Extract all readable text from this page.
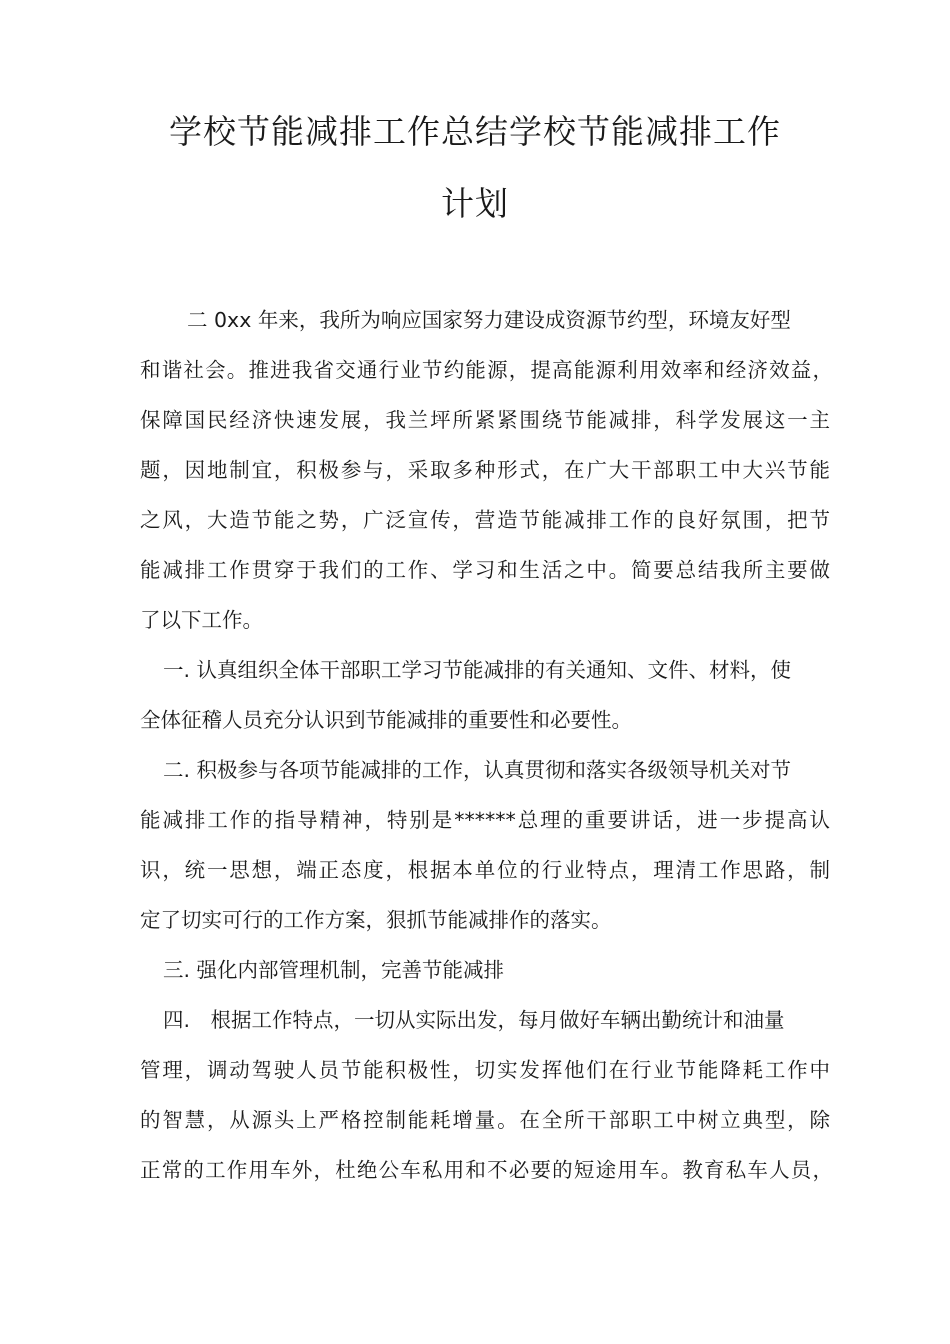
学校节能减排工作总结学校节能减排工作
计划

二 0xx 年来，我所为响应国家努力建设成资源节约型，环境友好型

和谐社会。推进我省交通行业节约能源，提高能源利用效率和经济效益，

保障国民经济快速发展，我兰坪所紧紧围绕节能减排，科学发展这一主

题，因地制宜，积极参与，采取多种形式，在广大干部职工中大兴节能

之风，大造节能之势，广泛宣传，营造节能减排工作的良好氛围，把节

能减排工作贯穿于我们的工作、学习和生活之中。简要总结我所主要做

了以下工作。

一. 认真组织全体干部职工学习节能减排的有关通知、文件、材料，使

全体征稽人员充分认识到节能减排的重要性和必要性。

二. 积极参与各项节能减排的工作，认真贯彻和落实各级领导机关对节

能减排工作的指导精神，特别是******总理的重要讲话，进一步提高认

识，统一思想，端正态度，根据本单位的行业特点，理清工作思路，制

定了切实可行的工作方案，狠抓节能减排作的落实。

三. 强化内部管理机制，完善节能减排

四.　根据工作特点，一切从实际出发，每月做好车辆出勤统计和油量

管理，调动驾驶人员节能积极性，切实发挥他们在行业节能降耗工作中

的智慧，从源头上严格控制能耗增量。在全所干部职工中树立典型，除

正常的工作用车外，杜绝公车私用和不必要的短途用车。教育私车人员，
